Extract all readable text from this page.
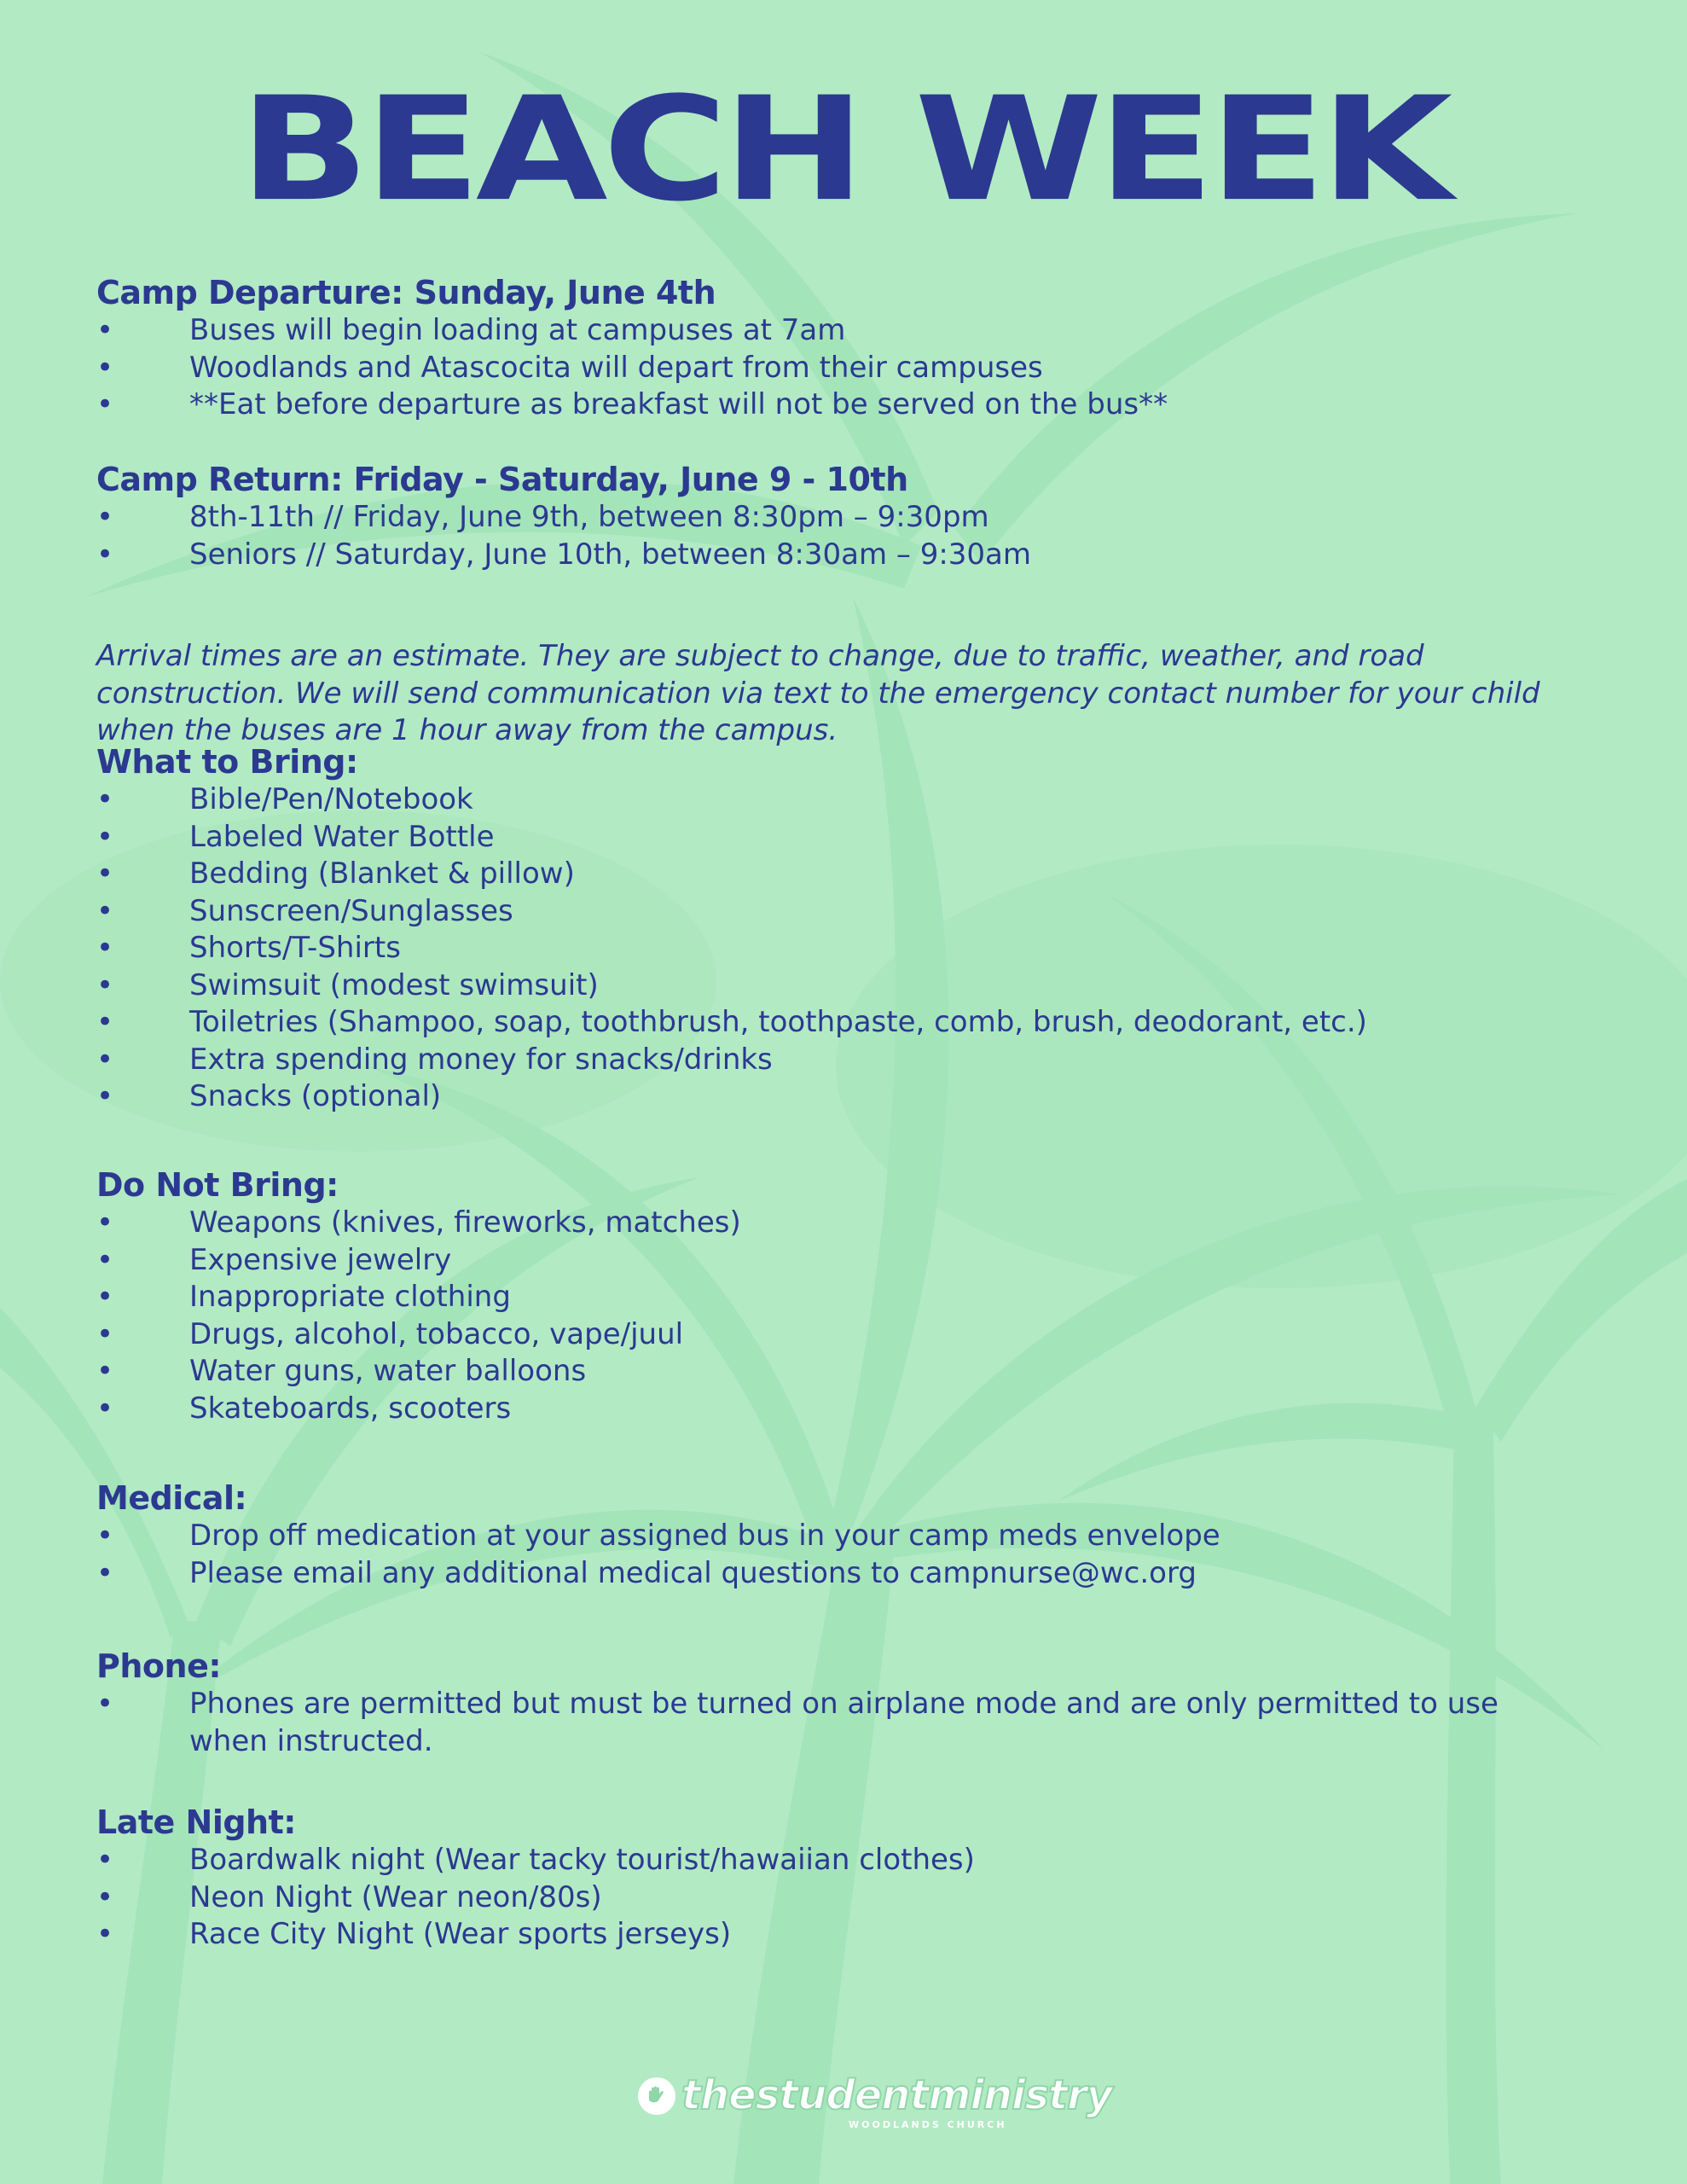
BEACH WEEK
Camp Departure: Sunday, June 4th
•	Buses will begin loading at campuses at 7am
•	Woodlands and Atascocita will depart from their campuses
•	**Eat before departure as breakfast will not be served on the bus**
Camp Return: Friday - Saturday, June 9 - 10th
•	8th-11th // Friday, June 9th, between 8:30pm – 9:30pm
•	Seniors // Saturday, June 10th, between 8:30am – 9:30am

Arrival times are an estimate. They are subject to change, due to traffic, weather, and road construction. We will send communication via text to the emergency contact number for your child when the buses are 1 hour away from the campus.

What to Bring:
•	Bible/Pen/Notebook
•	Labeled Water Bottle
•	Bedding (Blanket & pillow)
•	Sunscreen/Sunglasses
•	Shorts/T-Shirts
•	Swimsuit (modest swimsuit)
•	Toiletries (Shampoo, soap, toothbrush, toothpaste, comb, brush, deodorant, etc.)
•	Extra spending money for snacks/drinks
•	Snacks (optional)
Do Not Bring:
•	Weapons (knives, fireworks, matches)
•	Expensive jewelry
•	Inappropriate clothing
•	Drugs, alcohol, tobacco, vape/juul
•	Water guns, water balloons
•	Skateboards, scooters
Medical:
•	Drop off medication at your assigned bus in your camp meds envelope
•	Please email any additional medical questions to campnurse@wc.org
Phone:
•	Phones are permitted but must be turned on airplane mode and are only permitted to use when instructed.
Late Night:
•	Boardwalk night (Wear tacky tourist/hawaiian clothes)
•	Neon Night (Wear neon/80s)
•	Race City Night (Wear sports jerseys)
thestudentministry
WOODLANDS CHURCH
